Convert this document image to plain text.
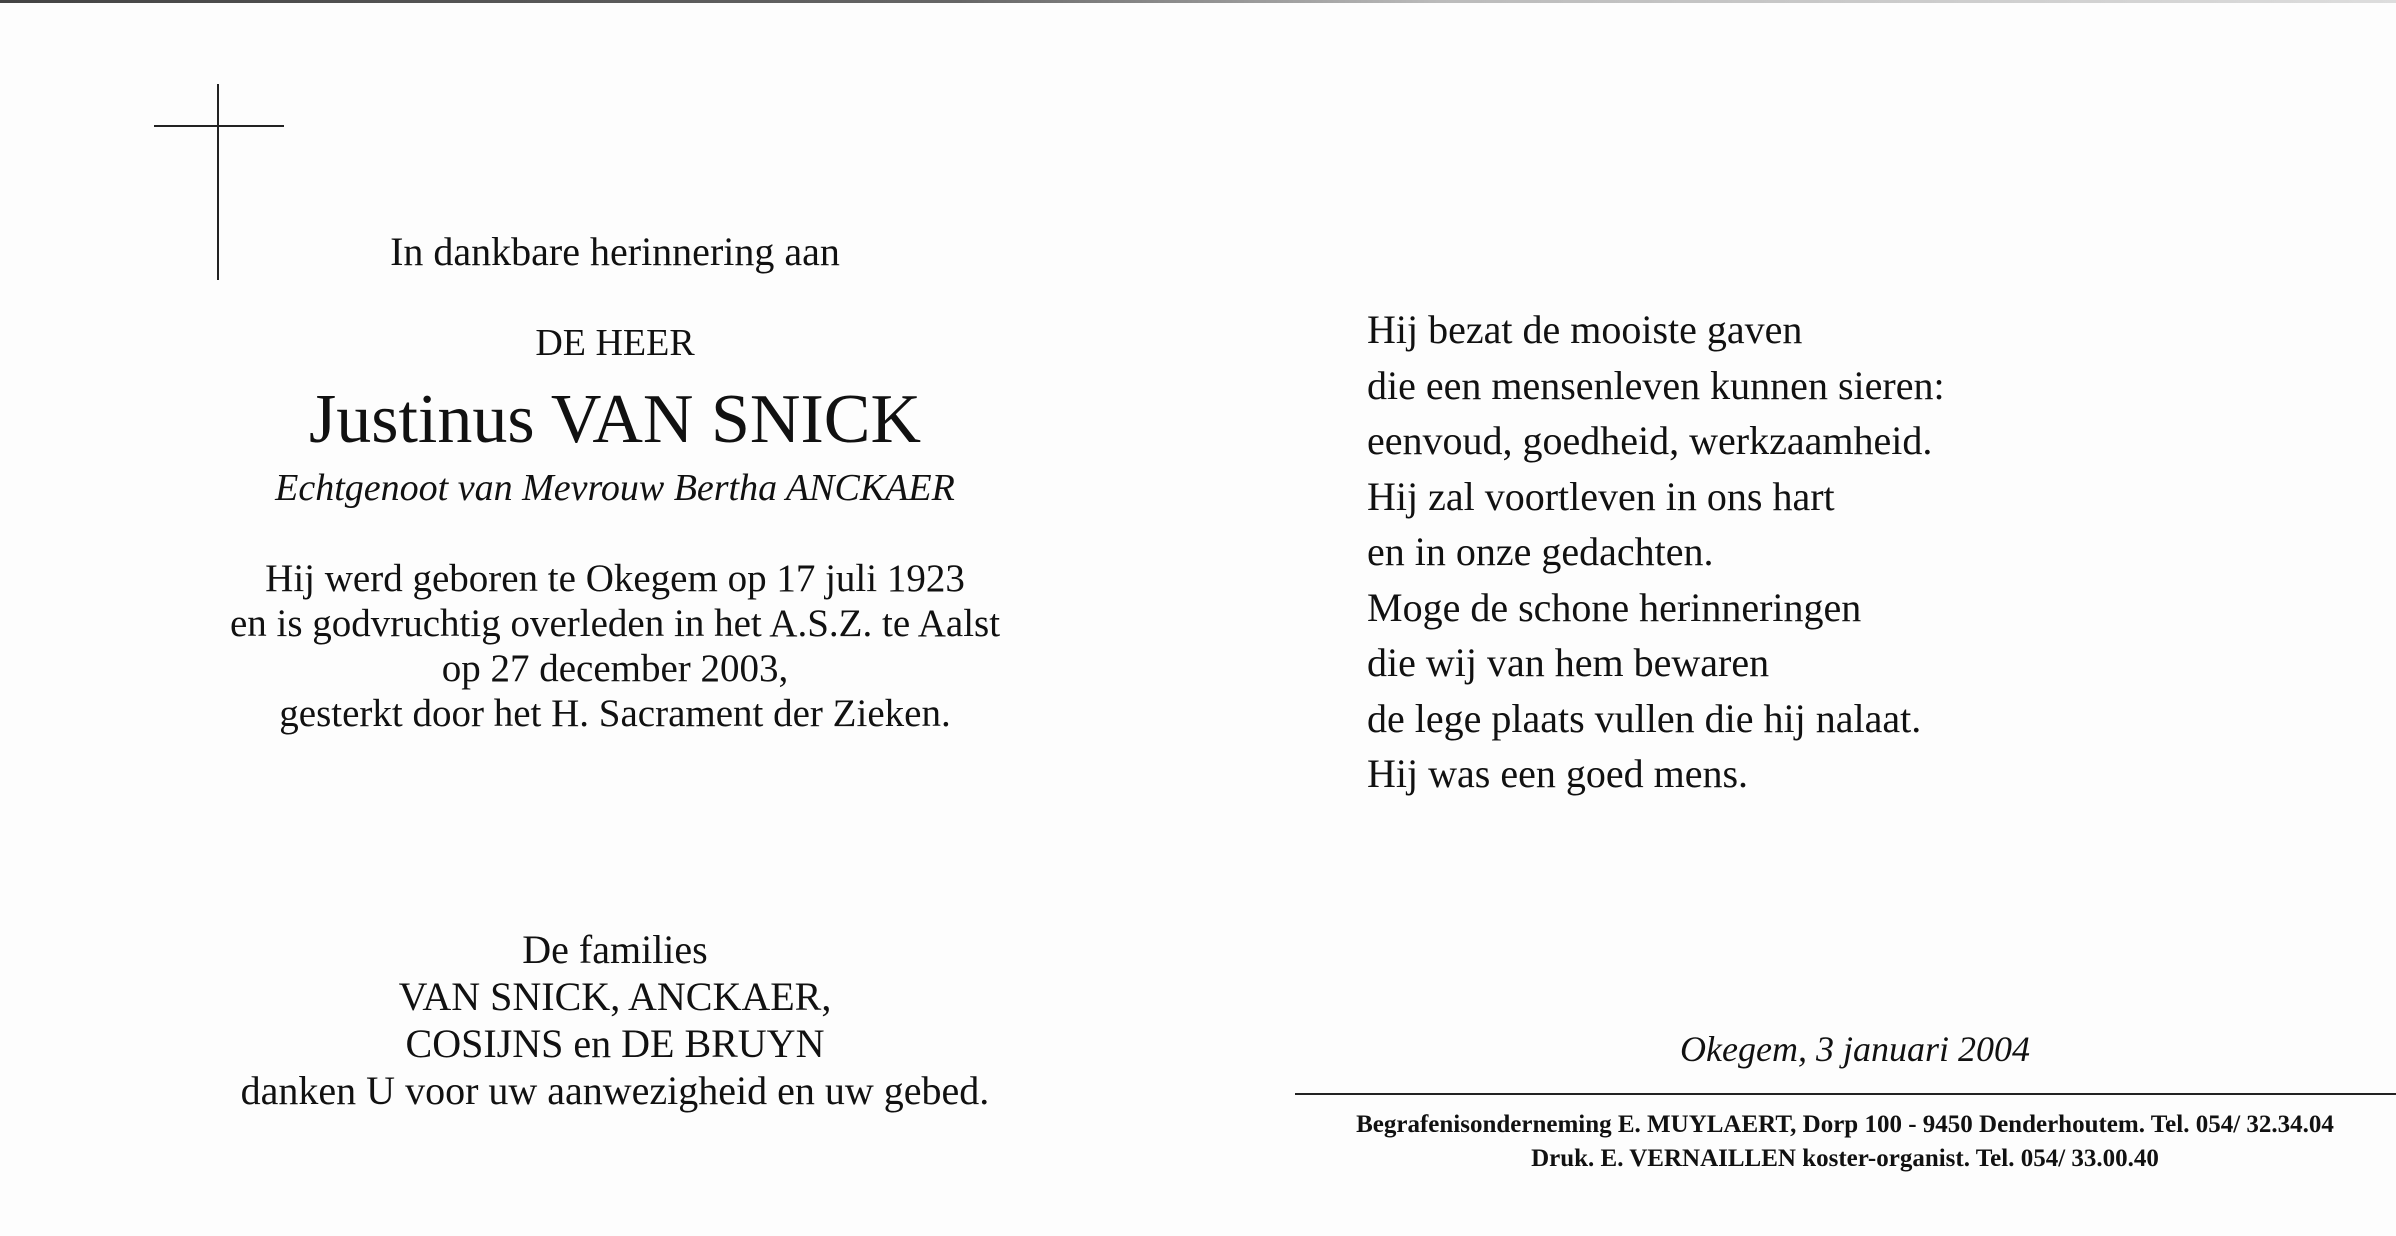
In dankbare herinnering aan
DE HEER
Justinus VAN SNICK
Echtgenoot van Mevrouw Bertha ANCKAER
Hij werd geboren te Okegem op 17 juli 1923
en is godvruchtig overleden in het A.S.Z. te Aalst
op 27 december 2003,
gesterkt door het H. Sacrament der Zieken.
De families
VAN SNICK, ANCKAER,
COSIJNS en DE BRUYN
danken U voor uw aanwezigheid en uw gebed.
Hij bezat de mooiste gaven
die een mensenleven kunnen sieren:
eenvoud, goedheid, werkzaamheid.
Hij zal voortleven in ons hart
en in onze gedachten.
Moge de schone herinneringen
die wij van hem bewaren
de lege plaats vullen die hij nalaat.
Hij was een goed mens.
Okegem, 3 januari 2004
Begrafenisonderneming E. MUYLAERT, Dorp 100 - 9450 Denderhoutem. Tel. 054/ 32.34.04
Druk. E. VERNAILLEN koster-organist. Tel. 054/ 33.00.40
